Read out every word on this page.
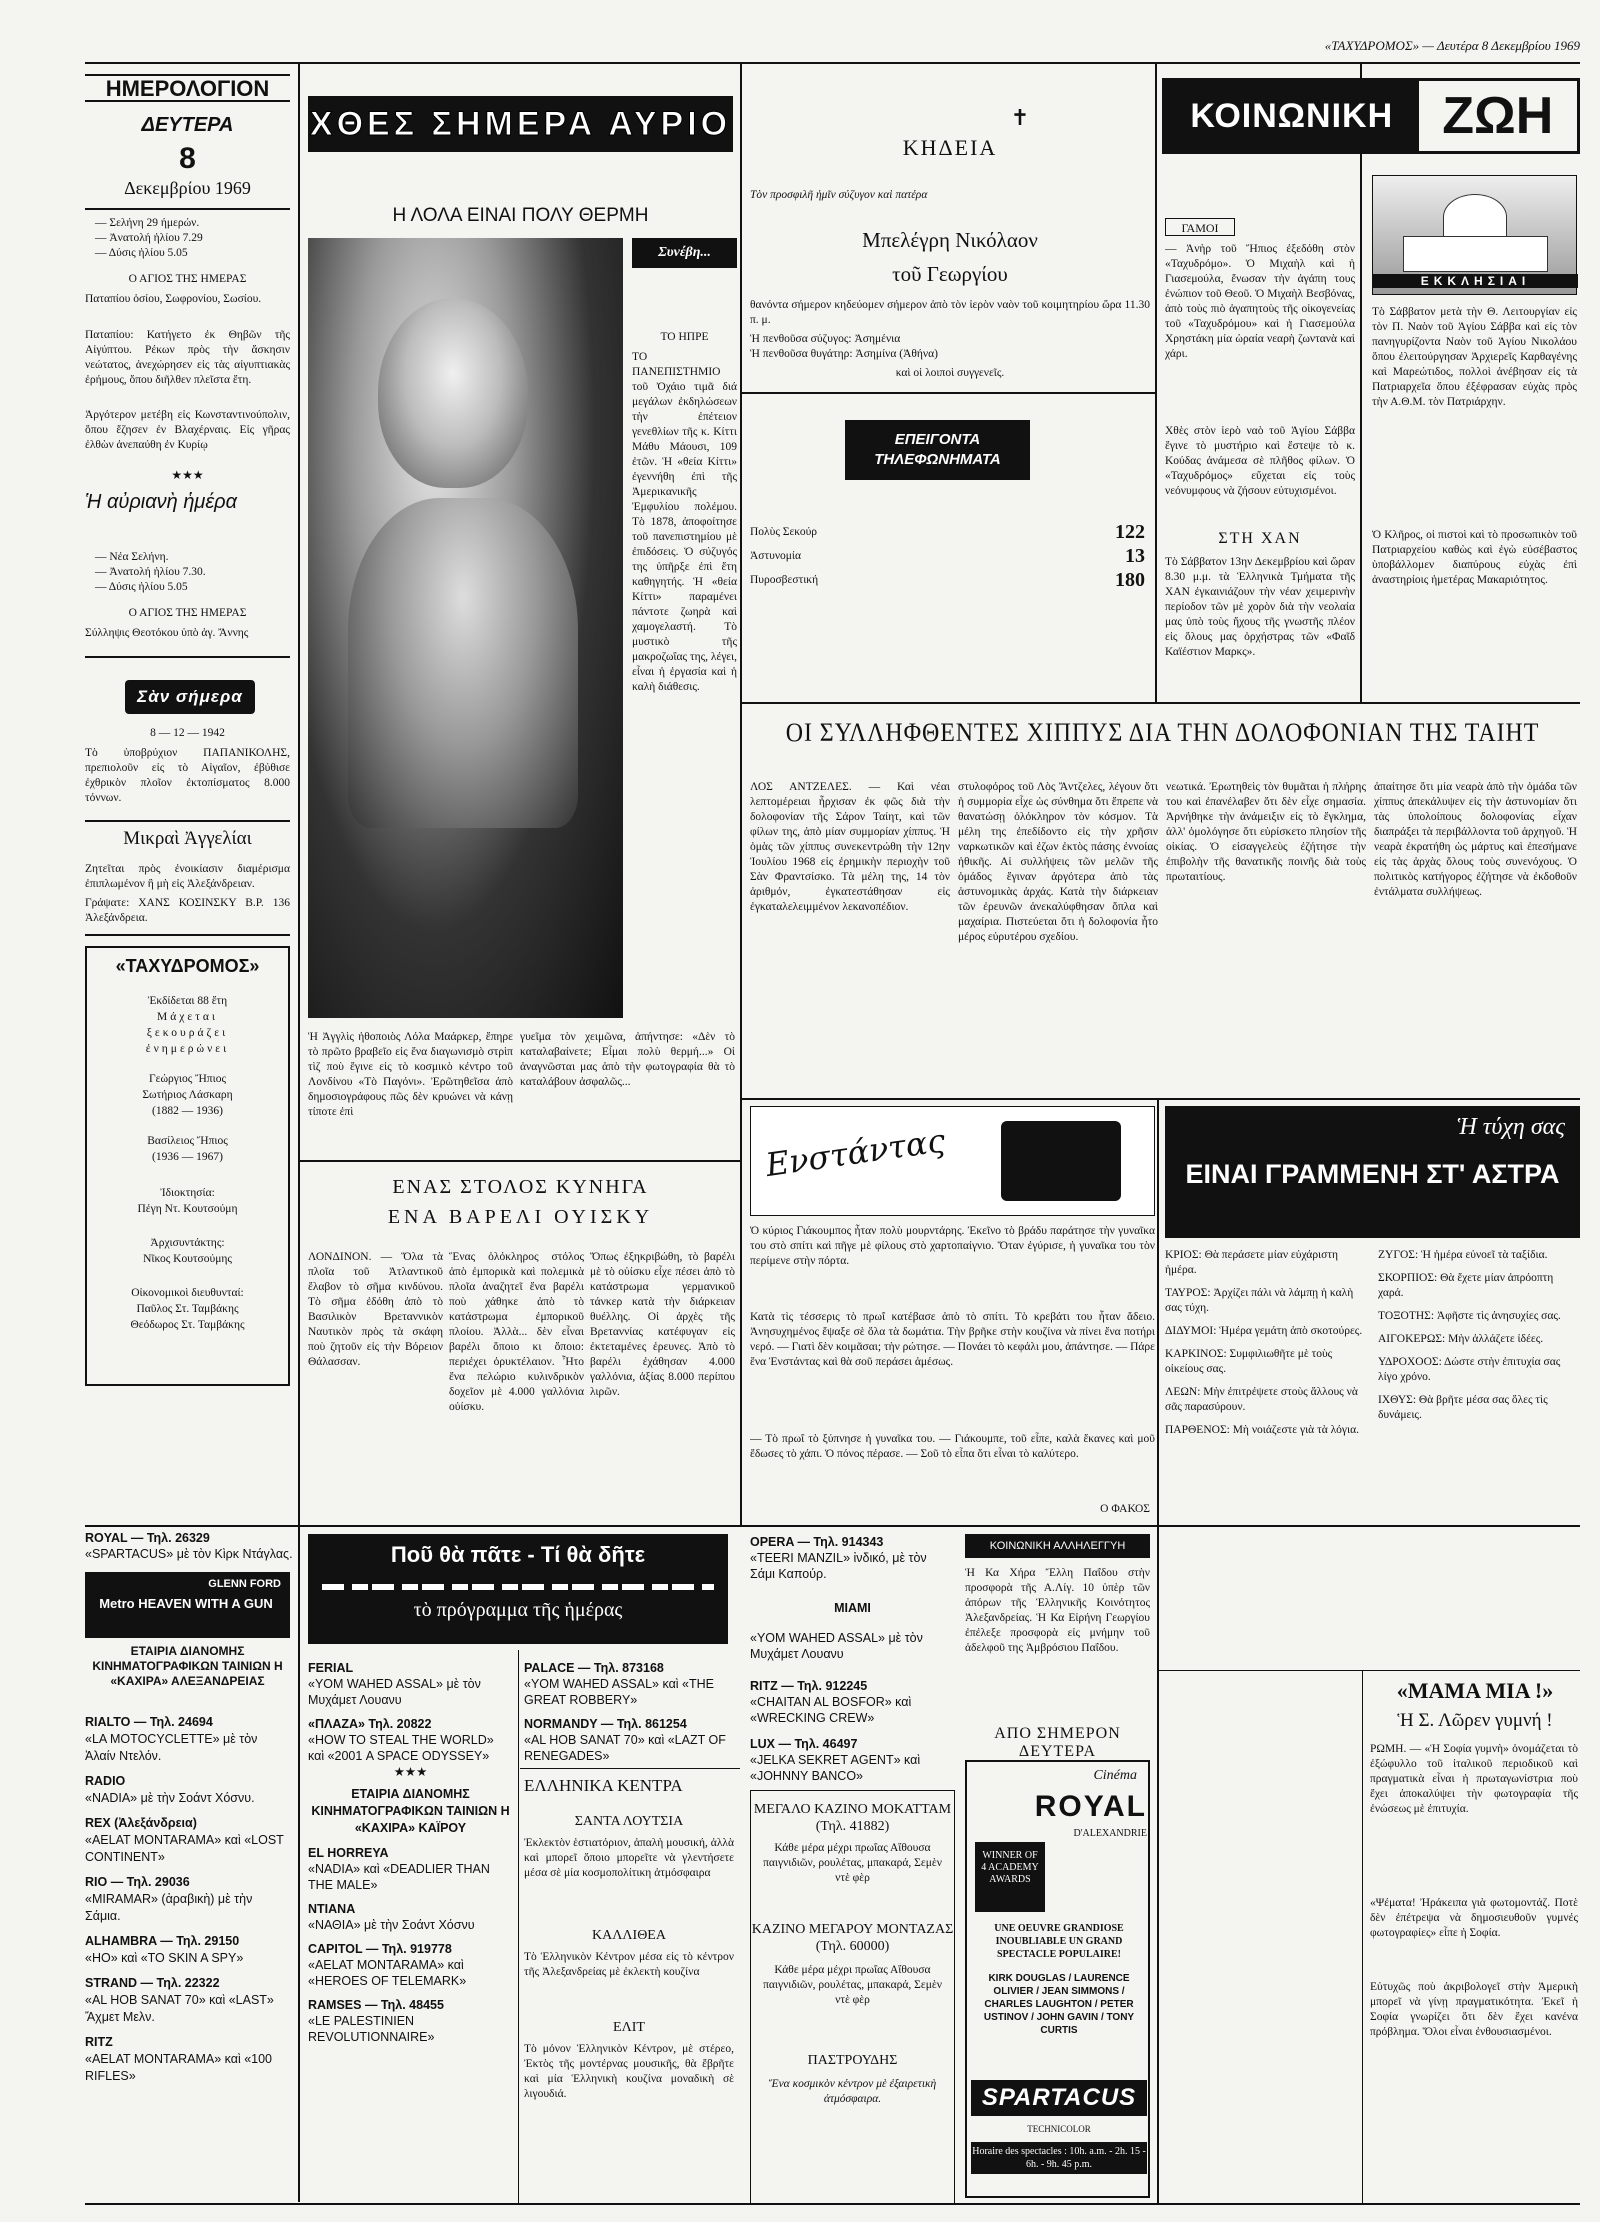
«ΤΑΧΥΔΡΟΜΟΣ» — Δευτέρα 8 Δεκεμβρίου 1969
ΗΜΕΡΟΛΟΓΙΟΝ
ΔΕΥΤΕΡΑ
8
Δεκεμβρίου 1969
— Σελήνη 29 ήμερών.
— Ἀνατολή ἡλίου 7.29
— Δύσις ἡλίου 5.05
Ο ΑΓΙΟΣ ΤΗΣ ΗΜΕΡΑΣ
Παταπίου ὁσίου, Σωφρονίου, Σωσίου.
Παταπίου: Κατήγετο ἐκ Θηβῶν τῆς Αἰγύπτου. Ρέκων πρὸς τὴν ἄσκησιν νεώτατος, ἀνεχώρησεν εἰς τὰς αἰγυπτιακὰς ἐρήμους, ὅπου διῆλθεν πλεῖστα ἔτη.
Ἀργότερον μετέβη εἰς Κωνσταντινούπολιν, ὅπου ἔζησεν ἐν Βλαχέρναις. Εἰς γῆρας ἐλθὼν ἀνεπαύθη ἐν Κυρίῳ
★★★
Ἡ αὐριανὴ ἡμέρα
— Νέα Σελήνη.
— Ἀνατολή ἡλίου 7.30.
— Δύσις ἡλίου 5.05
Ο ΑΓΙΟΣ ΤΗΣ ΗΜΕΡΑΣ
Σύλληψις Θεοτόκου ὑπὸ ἁγ. Ἄννης
Σὰν σήμερα
8 — 12 — 1942
Τὸ ὑποβρύχιον ΠΑΠΑΝΙΚΟΛΗΣ, πρεπιολοῦν εἰς τὸ Αἰγαῖον, ἐβύθισε ἐχθρικὸν πλοῖον ἐκτοπίσματος 8.000 τόννων.
Μικραὶ Ἀγγελίαι
Ζητεῖται πρὸς ἐνοικίασιν διαμέρισμα ἐπιπλωμένον ἢ μὴ εἰς Ἀλεξάνδρειαν.
Γράψατε: ΧΑΝΣ ΚΟΣΙΝΣΚΥ Β.Ρ. 136 Ἀλεξάνδρεια.
«ΤΑΧΥΔΡΟΜΟΣ»
Ἐκδίδεται 88 ἔτη
Μάχεται
ξεκουράζει
ἐνημερώνει
Γεώργιος Ἤπιος
Σωτήριος Λάσκαρη
(1882 — 1936)
Βασίλειος Ἤπιος
(1936 — 1967)
Ἰδιοκτησία:
Πέγη Ντ. Κουτσούμη
Ἀρχισυντάκτης:
Νῖκος Κουτσούμης
Οἰκονομικοὶ διευθυνταί:
Παῦλος Στ. Ταμβάκης
Θεόδωρος Στ. Ταμβάκης
ROYAL — Τηλ. 26329
«SPARTACUS» μὲ τὸν Κὶρκ Ντάγλας.
GLENN FORD
Metro HEAVEN WITH A GUN
ΕΤΑΙΡΙΑ ΔΙΑΝΟΜΗΣ ΚΙΝΗΜΑΤΟΓΡΑΦΙΚΩΝ ΤΑΙΝΙΩΝ Η «ΚΑΧΙΡΑ» ΑΛΕΞΑΝΔΡΕΙΑΣ
RIALTO — Τηλ. 24694
«LA MOTOCYCLETTE» μὲ τὸν Ἀλαίν Ντελόν.
RADIO
«NADIA» μὲ τὴν Σοάντ Χόσνυ.
REX (Ἀλεξάνδρεια)
«AELAT MONTARAMA» καὶ «LOST CONTINENT»
RIO — Τηλ. 29036
«MIRAMAR» (ἀραβικὴ) μὲ τὴν Σάμια.
ALHAMBRA — Τηλ. 29150
«HO» καὶ «TO SKIN A SPY»
STRAND — Τηλ. 22322
«AL HOB SANAT 70» καὶ «LAST» Ἄχμετ Μελν.
RITZ
«AELAT MONTARAMA» καὶ «100 RIFLES»
ΧΘΕΣ ΣΗΜΕΡΑ ΑΥΡΙΟ
Η ΛΟΛΑ ΕΙΝΑΙ ΠΟΛΥ ΘΕΡΜΗ
Συνέβη...
ΤΟ ΗΠΡΕ
ΤΟ ΠΑΝΕΠΙΣΤΗΜΙΟ τοῦ Ὀχάιο τιμᾶ διά μεγάλων ἐκδηλώσεων τὴν ἐπέτειον γενεθλίων τῆς κ. Κίττι Μάθυ Μάουσι, 109 ἐτῶν. Ἡ «θεία Κίττι» ἐγεννήθη ἐπὶ τῆς Ἀμερικανικῆς Ἐμφυλίου πολέμου. Τὸ 1878, ἀποφοίτησε τοῦ πανεπιστημίου μὲ ἐπιδόσεις. Ὁ σύζυγός της ὑπῆρξε ἐπὶ ἔτη καθηγητής. Ἡ «θεία Κίττι» παραμένει πάντοτε ζωηρὰ καὶ χαμογελαστή. Τὸ μυστικὸ τῆς μακροζωΐας της, λέγει, εἶναι ἡ ἐργασία καὶ ἡ καλὴ διάθεσις.
Ἡ Ἀγγλὶς ἠθοποιὸς Λόλα Μαάρκερ, ἔπηρε τὸ πρῶτο βραβεῖο εἰς ἕνα διαγωνισμὸ στρὶπ τὶζ ποὺ ἔγινε εἰς τὸ κοσμικὸ κέντρο τοῦ Λονδίνου «Τὸ Παγόνι». Ἐρῶτηθεῖσα ἀπὸ δημοσιογράφους πῶς δὲν κρυώνει νὰ κάνῃ τίποτε ἐπὶ
γυεῖμα τὸν χειμῶνα, ἀπήντησε: «Δὲν τὸ καταλαβαίνετε; Εἶμαι πολὺ θερμή...» Οἱ ἀναγνῶσται μας ἀπὸ τὴν φωτογραφία θὰ τὸ καταλάβουν ἀσφαλῶς...
ΕΝΑΣ ΣΤΟΛΟΣ ΚΥΝΗΓΑ
ΕΝΑ ΒΑΡΕΛΙ ΟΥΙΣΚΥ
ΛΟΝΔΙΝΟΝ. — Ὅλα τὰ πλοῖα τοῦ Ἀτλαντικοῦ ἔλαβον τὸ σῆμα κινδύνου. Τὸ σῆμα ἐδόθη ἀπὸ τὸ Βασιλικὸν Βρεταννικὸν Ναυτικὸν πρὸς τὰ σκάφη ποὺ ζητοῦν εἰς τὴν Βόρειον Θάλασσαν.
Ἕνας ὁλόκληρος στόλος ἀπὸ ἐμπορικὰ καὶ πολεμικὰ πλοῖα ἀναζητεῖ ἕνα βαρέλι ποὺ χάθηκε ἀπὸ τὸ κατάστρωμα ἐμπορικοῦ πλοίου. Ἀλλὰ... δὲν εἶναι βαρέλι ὅποιο κι ὅποιο: περιέχει ὀρυκτέλαιον. Ἦτο ἕνα πελώριο κυλινδρικὸν δοχεῖον μὲ 4.000 γαλλόνια οὐίσκυ.
Ὅπως ἐξηκριβώθη, τὸ βαρέλι μὲ τὸ οὐίσκυ εἶχε πέσει ἀπὸ τὸ κατάστρωμα γερμανικοῦ τάνκερ κατὰ τὴν διάρκειαν θυέλλης. Οἱ ἀρχὲς τῆς Βρεταννίας κατέφυγαν εἰς ἐκτεταμένες ἐρευνες. Ἀπὸ τὸ βαρέλι ἐχάθησαν 4.000 γαλλόνια, ἀξίας 8.000 περίπου λιρῶν.
ΚΗΔΕΙΑ
✝
Τὸν προσφιλῆ ἡμῖν σύζυγον καὶ πατέρα
Μπελέγρη Νικόλαον
τοῦ Γεωργίου
θανόντα σήμερον κηδεύομεν σήμερον ἀπὸ τὸν ἱερὸν ναὸν τοῦ κοιμητηρίου ὥρα 11.30 π. μ.
Ἡ πενθοῦσα σύζυγος: Ἀσημένια
Ἡ πενθοῦσα θυγάτηρ: Ἀσημίνα (Ἀθήνα)
καὶ οἱ λοιποὶ συγγενεῖς.
ΕΠΕΙΓΟΝΤΑ ΤΗΛΕΦΩΝΗΜΑΤΑ
Πολὺς Σεκούρ	122
Ἀστυνομία	13
Πυροσβεστική	180
ΚΟΙΝΩΝΙΚΗ ΖΩΗ
ΓΑΜΟΙ
— Ἀνὴρ τοῦ Ἤπιος ἐξεδόθη στὸν «Ταχυδρόμο». Ὁ Μιχαὴλ καὶ ἡ Γιασεμούλα, ἔνωσαν τὴν ἀγάπη τους ἐνώπιον τοῦ Θεοῦ. Ὁ Μιχαὴλ Βεσβόνας, ἀπὸ τοὺς πιὸ ἀγαπητοὺς τῆς οἰκογενείας τοῦ «Ταχυδρόμου» καὶ ἡ Γιασεμούλα Χρηστάκη μία ὡραία νεαρὴ ζωντανὰ καὶ χάρι.
Χθὲς στὸν ἱερὸ ναὸ τοῦ Ἁγίου Σάββα ἔγινε τὸ μυστήριο καὶ ἔστεψε τὸ κ. Κούδας ἀνάμεσα σὲ πλῆθος φίλων. Ὁ «Ταχυδρόμος» εὔχεται εἰς τοὺς νεόνυμφους νὰ ζήσουν εὐτυχισμένοι.
ΣΤΗ ΧΑΝ
Τὸ Σάββατον 13ην Δεκεμβρίου καὶ ὥραν 8.30 μ.μ. τὰ Ἑλληνικὰ Τμήματα τῆς ΧΑΝ ἐγκαινιάζουν τὴν νέαν χειμερινὴν περίοδον τῶν μὲ χορὸν διὰ τὴν νεολαία μας ὑπὸ τοὺς ἤχους τῆς γνωστῆς πλέον εἰς ὅλους μας ὀρχήστρας τῶν «Φαῖδ Καϊέστιον Μαρκς».
ΕΚΚΛΗΣΙΑΙ
Τὸ Σάββατον μετὰ τὴν Θ. Λειτουργίαν εἰς τὸν Π. Ναὸν τοῦ Ἁγίου Σάββα καὶ εἰς τὸν πανηγυρίζοντα Ναὸν τοῦ Ἁγίου Νικολάου ὅπου ἐλειτούργησαν Ἀρχιερεῖς Καρθαγένης καὶ Μαρεώτιδος, πολλοὶ ἀνέβησαν εἰς τὰ Πατριαρχεῖα ὅπου ἐξέφρασαν εὐχὰς πρὸς τὴν Α.Θ.Μ. τὸν Πατριάρχην.
Ὁ Κλῆρος, οἱ πιστοὶ καὶ τὸ προσωπικὸν τοῦ Πατριαρχείου καθὼς καὶ ἐγὼ εὐσέβαστος ὑποβάλλομεν διαπύρους εὐχὰς ἐπὶ ἀναστηρίοις ἡμετέρας Μακαριότητος.
ΟΙ ΣΥΛΛΗΦΘΕΝΤΕΣ ΧΙΠΠΥΣ ΔΙΑ ΤΗΝ ΔΟΛΟΦΟΝΙΑΝ ΤΗΣ ΤΑΙΗΤ
ΛΟΣ ΑΝΤΖΕΛΕΣ. — Καὶ νέαι λεπτομέρειαι ἦρχισαν ἐκ φῶς διὰ τὴν δολοφονίαν τῆς Σάρον Ταίητ, καὶ τῶν φίλων της, ἀπὸ μίαν συμμορίαν χίππυς. Ἡ ὁμὰς τῶν χίππυς συνεκεντρώθη τὴν 12ην Ἰουλίου 1968 εἰς ἐρημικὴν περιοχὴν τοῦ Σὰν Φραντσίσκο. Τὰ μέλη της, 14 τὸν ἀριθμόν, ἐγκατεστάθησαν εἰς ἐγκαταλελειμμένον λεκανοπέδιον.
στυλοφόρος τοῦ Λὸς Ἄντζελες, λέγουν ὅτι ἡ συμμορία εἶχε ὡς σύνθημα ὅτι ἔπρεπε νὰ θανατώσῃ ὁλόκληρον τὸν κόσμον. Τὰ μέλη της ἐπεδίδοντο εἰς τὴν χρῆσιν ναρκωτικῶν καὶ ἐζων ἐκτὸς πάσης ἐννοίας ἠθικῆς. Αἱ συλλήψεις τῶν μελῶν τῆς ὁμάδος ἔγιναν ἀργότερα ἀπὸ τὰς ἀστυνομικὰς ἀρχάς. Κατὰ τὴν διάρκειαν τῶν ἐρευνῶν ἀνεκαλύφθησαν ὅπλα καὶ μαχαίρια. Πιστεύεται ὅτι ἡ δολοφονία ἦτο μέρος εὐρυτέρου σχεδίου.
νεωτικά. Ἐρωτηθεὶς τὸν θυμᾶται ἡ πλήρης του καὶ ἐπανέλαβεν ὅτι δὲν εἶχε σημασία. Ἀρνήθηκε τὴν ἀνάμειξιν εἰς τὸ ἔγκλημα, ἀλλ' ὁμολόγησε ὅτι εὑρίσκετο πλησίον τῆς οἰκίας. Ὁ εἰσαγγελεὺς ἐζήτησε τὴν ἐπιβολὴν τῆς θανατικῆς ποινῆς διὰ τοὺς πρωταιτίους.
ἀπαίτησε ὅτι μία νεαρὰ ἀπὸ τὴν ὁμάδα τῶν χίππυς ἀπεκάλυψεν εἰς τὴν ἀστυνομίαν ὅτι τὰς ὑπολοίπους δολοφονίας εἶχαν διαπράξει τὰ περιβάλλοντα τοῦ ἀρχηγοῦ. Ἡ νεαρὰ ἐκρατήθη ὡς μάρτυς καὶ ἐπεσήμανε εἰς τὰς ἀρχὰς ὅλους τοὺς συνενόχους. Ὁ πολιτικὸς κατήγορος ἐζήτησε νὰ ἐκδοθοῦν ἐντάλματα συλλήψεως.
Ενστάντας
Ὁ κύριος Γιάκουμπος ἦταν πολὺ μουρντάρης. Ἐκεῖνο τὸ βράδυ παράτησε τὴν γυναῖκα του στὸ σπίτι καὶ πῆγε μὲ φίλους στὸ χαρτοπαίγνιο. Ὅταν ἐγύρισε, ἡ γυναῖκα του τὸν περίμενε στὴν πόρτα.
Κατὰ τὶς τέσσερις τὸ πρωΐ κατέβασε ἀπὸ τὸ σπίτι. Τὸ κρεβάτι του ἦταν ἄδειο. Ἀνησυχημένος ἔψαξε σὲ ὅλα τὰ δωμάτια. Τὴν βρῆκε στὴν κουζίνα νὰ πίνει ἕνα ποτήρι νερό. — Γιατὶ δὲν κοιμᾶσαι; τὴν ρώτησε. — Πονάει τὸ κεφάλι μου, ἀπάντησε. — Πάρε ἕνα Ἐνστάντας καὶ θὰ σοῦ περάσει ἀμέσως.
— Τὸ πρωΐ τὸ ξύπνησε ἡ γυναῖκα του. — Γιάκουμπε, τοῦ εἶπε, καλὰ ἔκανες καὶ μοῦ ἔδωσες τὸ χάπι. Ὁ πόνος πέρασε. — Σοῦ τὸ εἶπα ὅτι εἶναι τὸ καλύτερο.
Ο ΦΑΚΟΣ
Ἡ τύχη σας
ΕΙΝΑΙ ΓΡΑΜΜΕΝΗ ΣΤ' ΑΣΤΡΑ
ΚΡΙΟΣ: Θὰ περάσετε μίαν εὐχάριστη ἡμέρα.
ΤΑΥΡΟΣ: Ἀρχίζει πάλι νὰ λάμπῃ ἡ καλὴ σας τύχη.
ΔΙΔΥΜΟΙ: Ἡμέρα γεμάτη ἀπὸ σκοτούρες.
ΚΑΡΚΙΝΟΣ: Συμφιλιωθῆτε μὲ τοὺς οἰκείους σας.
ΛΕΩΝ: Μὴν ἐπιτρέψετε στοὺς ἄλλους νὰ σᾶς παρασύρουν.
ΠΑΡΘΕΝΟΣ: Μὴ νοιάζεστε γιὰ τὰ λόγια.
ΖΥΓΟΣ: Ἡ ἡμέρα εὐνοεῖ τὰ ταξίδια.
ΣΚΟΡΠΙΟΣ: Θὰ ἔχετε μίαν ἀπρόοπτη χαρά.
ΤΟΞΟΤΗΣ: Ἀφῆστε τὶς ἀνησυχίες σας.
ΑΙΓΟΚΕΡΩΣ: Μὴν ἀλλάζετε ἰδέες.
ΥΔΡΟΧΟΟΣ: Δώστε στὴν ἐπιτυχία σας λίγο χρόνο.
ΙΧΘΥΣ: Θὰ βρῆτε μέσα σας ὅλες τὶς δυνάμεις.
Ποῦ θὰ πᾶτε - Τί θὰ δῆτε
τὸ πρόγραμμα τῆς ἡμέρας
FERIAL
«YOM WAHED ASSAL» μὲ τὸν Μυχάμετ Λουανυ
«ΠΛΑΖΑ» Τηλ. 20822
«HOW TO STEAL THE WORLD» καὶ «2001 A SPACE ODYSSEY»
★★★
ΕΤΑΙΡΙΑ ΔΙΑΝΟΜΗΣ ΚΙΝΗΜΑΤΟΓΡΑΦΙΚΩΝ ΤΑΙΝΙΩΝ Η «ΚΑΧΙΡΑ» ΚΑΪΡΟΥ
EL HORREYA
«NADIA» καὶ «DEADLIER THAN THE MALE»
ΝΤΙΑΝΑ
«ΝΑΘΙΑ» μὲ τὴν Σοάντ Χόσνυ
CAPITOL — Τηλ. 919778
«AELAT MONTARAMA» καὶ «HEROES OF TELEMARK»
RAMSES — Τηλ. 48455
«LE PALESTINIEN REVOLUTIONNAIRE»
PALACE — Τηλ. 873168
«YOM WAHED ASSAL» καὶ «THE GREAT ROBBERY»
NORMANDY — Τηλ. 861254
«AL HOB SANAT 70» καὶ «LAZT OF RENEGADES»
ΕΛΛΗΝΙΚΑ ΚΕΝΤΡΑ
ΣΑΝΤΑ ΛΟΥΤΣΙΑ
Ἐκλεκτὸν ἑστιατόριον, ἁπαλὴ μουσική, ἀλλὰ καὶ μπορεῖ ὅποιο μπορεῖτε νὰ γλεντήσετε μέσα σὲ μία κοσμοπολίτικη ἀτμόσφαιρα
ΚΑΛΛΙΘΕΑ
Τὸ Ἑλληνικὸν Κέντρον μέσα εἰς τὸ κέντρον τῆς Ἀλεξανδρείας μὲ ἐκλεκτὴ κουζίνα
ΕΛΙΤ
Τὸ μόνον Ἑλληνικὸν Κέντρον, μὲ στέρεο, Ἐκτὸς τῆς μοντέρνας μουσικῆς, θὰ ἔβρῆτε καὶ μία Ἑλληνικὴ κουζίνα μοναδικὴ σὲ λιγουδιά.
OPERA — Τηλ. 914343
«TEERI MANZIL» ἰνδικό, μὲ τὸν Σάμι Καπούρ.
MIAMI
«YOM WAHED ASSAL» μὲ τὸν Μυχάμετ Λουανυ
RITZ — Τηλ. 912245
«CHAITAN AL BOSFOR» καὶ «WRECKING CREW»
LUX — Τηλ. 46497
«JELKA SEKRET AGENT» καὶ «JOHNNY BANCO»
ΜΕΓΑΛΟ ΚΑΖΙΝΟ ΜΟΚΑΤΤΑΜ (Τηλ. 41882)
Κάθε μέρα μέχρι πρωΐας Αἴθουσα παιγνιδιῶν, ρουλέτας, μπακαρά, Σεμὲν ντὲ φὲρ
ΚΑΖΙΝΟ ΜΕΓΑΡΟΥ ΜΟΝΤΑΖΑΣ (Τηλ. 60000)
Κάθε μέρα μέχρι πρωΐας Αἴθουσα παιγνιδιῶν, ρουλέτας, μπακαρά, Σεμὲν ντὲ φὲρ
ΠΑΣΤΡΟΥΔΗΣ
Ἕνα κοσμικὸν κέντρον μὲ ἐξαιρετικὴ ἀτμόσφαιρα.
ΚΟΙΝΩΝΙΚΗ ΑΛΛΗΛΕΓΓΥΗ
Ἡ Κα Χήρα Ἔλλη Παΐδου στὴν προσφορὰ τῆς Α.Λίγ. 10 ὑπὲρ τῶν ἀπόρων τῆς Ἑλληνικῆς Κοινότητος Ἀλεξανδρείας. Ἡ Κα Εἰρήνη Γεωργίου ἐπέλεξε προσφορὰ εἰς μνήμην τοῦ ἀδελφοῦ της Ἀμβρόσιου Παΐδου.
ΑΠΟ ΣΗΜΕΡΟΝ ΔΕΥΤΕΡΑ
Cinéma
ROYAL
D'ALEXANDRIE
WINNER OF 4 ACADEMY AWARDS
UNE OEUVRE GRANDIOSE INOUBLIABLE UN GRAND SPECTACLE POPULAIRE!
KIRK DOUGLAS / LAURENCE OLIVIER / JEAN SIMMONS / CHARLES LAUGHTON / PETER USTINOV / JOHN GAVIN / TONY CURTIS
SPARTACUS
TECHNICOLOR
Horaire des spectacles : 10h. a.m. - 2h. 15 - 6h. - 9h. 45 p.m.
«ΜΑΜΑ ΜΙΑ !»
Ἡ Σ. Λῶρεν γυμνή !
ΡΩΜΗ. — «Ἡ Σοφία γυμνὴ» ὀνομάζεται τὸ ἐξώφυλλο τοῦ ἰταλικοῦ περιοδικοῦ καὶ πραγματικὰ εἶναι ἡ πρωταγωνίστρια ποὺ ἔχει ἀποκαλύψει τὴν φωτογραφία τῆς ἐνώσεως μὲ ἐπιτυχία.
«Ψέματα! Ἠράκειπα γιὰ φωτομοντάζ. Ποτὲ δὲν ἐπέτρεψα νὰ δημοσιευθοῦν γυμνές φωτογραφίες» εἶπε ἡ Σοφία.
Εὐτυχῶς ποὺ ἀκριβολογεῖ στὴν Ἀμερικὴ μπορεῖ νὰ γίνῃ πραγματικότητα. Ἐκεῖ ἡ Σοφία γνωρίζει ὅτι δὲν ἔχει κανένα πρόβλημα. Ὅλοι εἶναι ἐνθουσιασμένοι.
